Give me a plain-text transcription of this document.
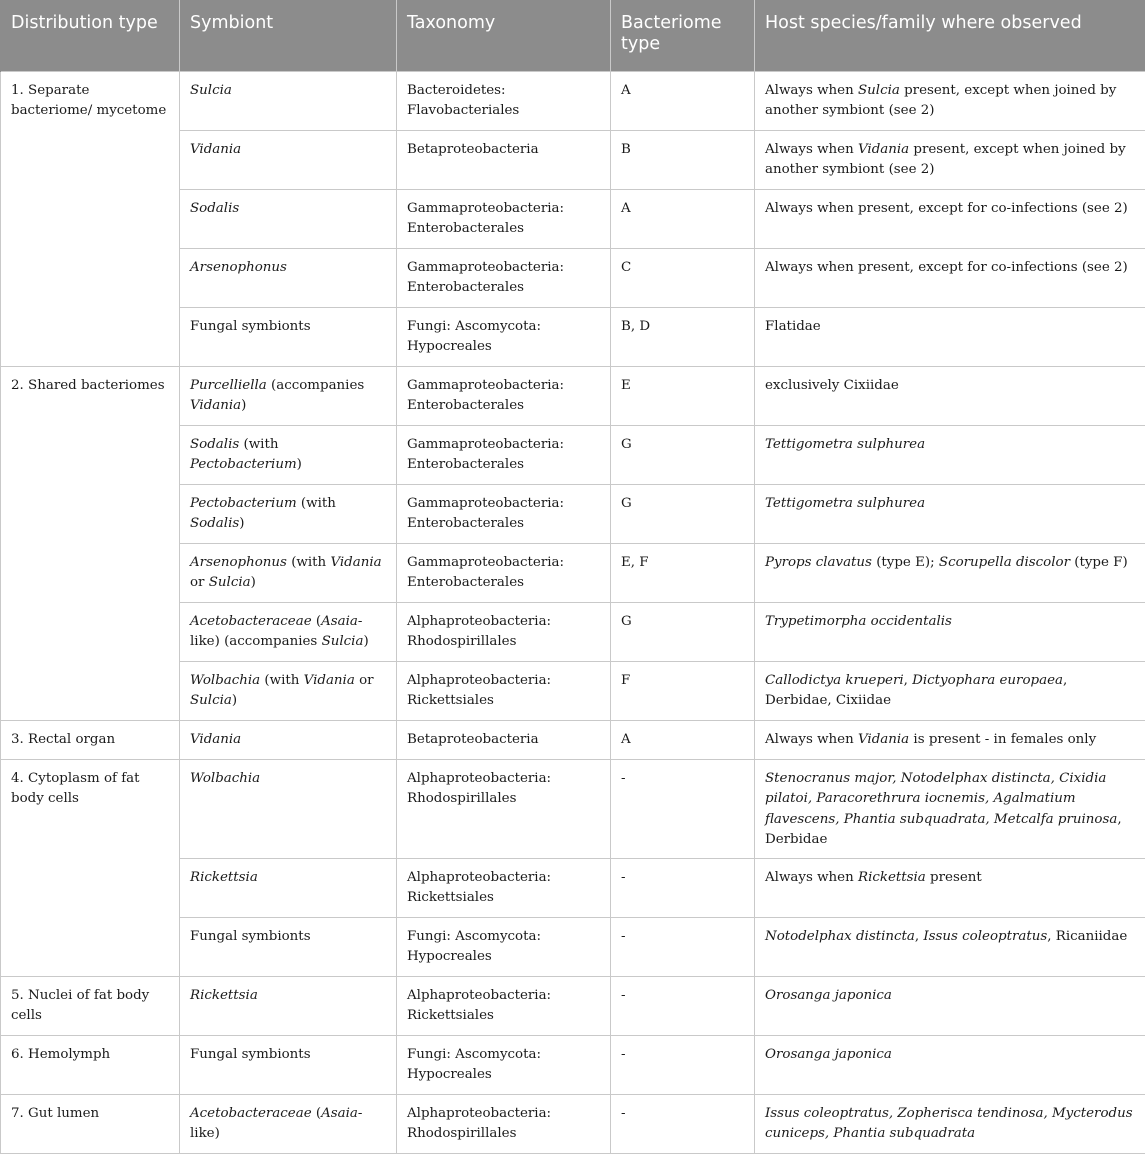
Distribution type	Symbiont	Taxonomy	Bacteriome type	Host species/family where observed
1. Separate bacteriome/ mycetome	Sulcia	Bacteroidetes: Flavobacteriales	A	Always when Sulcia present, except when joined by another symbiont (see 2)
	Vidania	Betaproteobacteria	B	Always when Vidania present, except when joined by another symbiont (see 2)
	Sodalis	Gammaproteobacteria: Enterobacterales	A	Always when present, except for co-infections (see 2)
	Arsenophonus	Gammaproteobacteria: Enterobacterales	C	Always when present, except for co-infections (see 2)
	Fungal symbionts	Fungi: Ascomycota: Hypocreales	B, D	Flatidae
2. Shared bacteriomes	Purcelliella (accompanies Vidania)	Gammaproteobacteria: Enterobacterales	E	exclusively Cixiidae
	Sodalis (with Pectobacterium)	Gammaproteobacteria: Enterobacterales	G	Tettigometra sulphurea
	Pectobacterium (with Sodalis)	Gammaproteobacteria: Enterobacterales	G	Tettigometra sulphurea
	Arsenophonus (with Vidania or Sulcia)	Gammaproteobacteria: Enterobacterales	E, F	Pyrops clavatus (type E); Scorupella discolor (type F)
	Acetobacteraceae (Asaia-like) (accompanies Sulcia)	Alphaproteobacteria: Rhodospirillales	G	Trypetimorpha occidentalis
	Wolbachia (with Vidania or Sulcia)	Alphaproteobacteria: Rickettsiales	F	Callodictya krueperi, Dictyophara europaea, Derbidae, Cixiidae
3. Rectal organ	Vidania	Betaproteobacteria	A	Always when Vidania is present - in females only
4. Cytoplasm of fat body cells	Wolbachia	Alphaproteobacteria: Rhodospirillales	-	Stenocranus major, Notodelphax distincta, Cixidia pilatoi, Paracorethrura iocnemis, Agalmatium flavescens, Phantia subquadrata, Metcalfa pruinosa, Derbidae
	Rickettsia	Alphaproteobacteria: Rickettsiales	-	Always when Rickettsia present
	Fungal symbionts	Fungi: Ascomycota: Hypocreales	-	Notodelphax distincta, Issus coleoptratus, Ricaniidae
5. Nuclei of fat body cells	Rickettsia	Alphaproteobacteria: Rickettsiales	-	Orosanga japonica
6. Hemolymph	Fungal symbionts	Fungi: Ascomycota: Hypocreales	-	Orosanga japonica
7. Gut lumen	Acetobacteraceae (Asaia-like)	Alphaproteobacteria: Rhodospirillales	-	Issus coleoptratus, Zopherisca tendinosa, Mycterodus cuniceps, Phantia subquadrata
